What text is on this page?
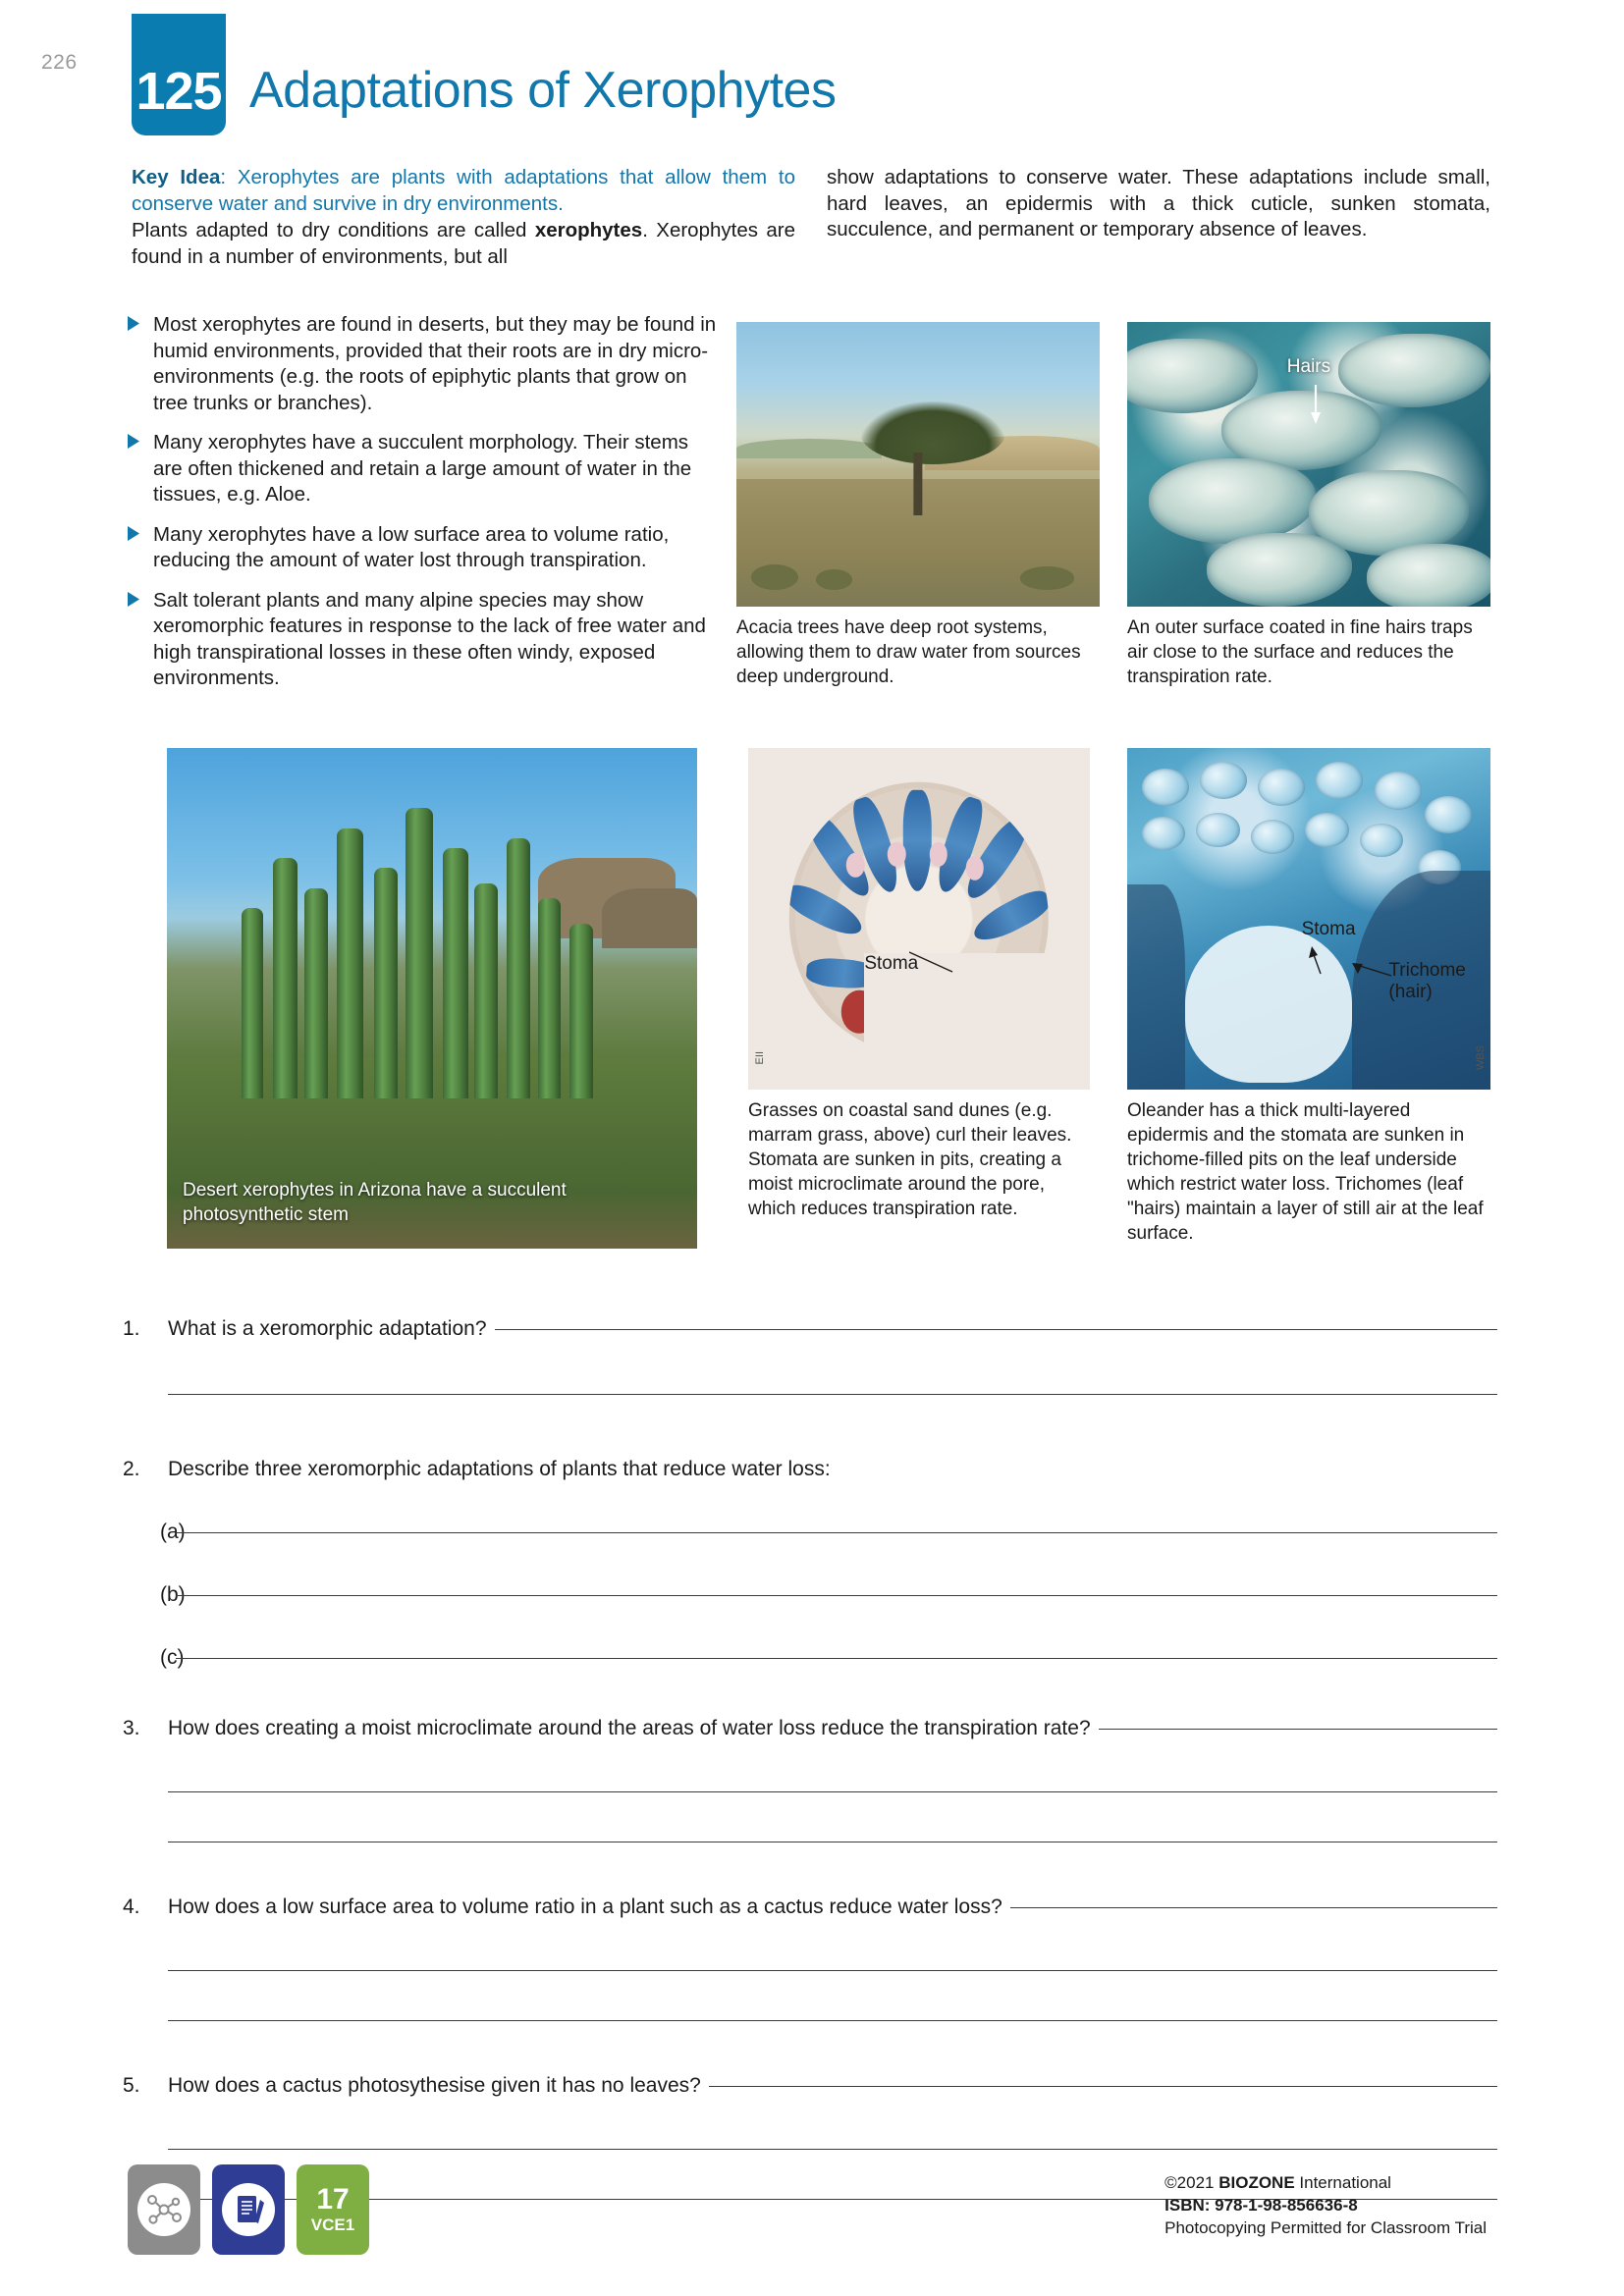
226 125 Adaptations of Xerophytes

Key Idea: Xerophytes are plants with adaptations that allow them to conserve water and survive in dry environments.

Plants adapted to dry conditions are called xerophytes. Xerophytes are found in a number of environments, but all

show adaptations to conserve water. These adaptations include small, hard leaves, an epidermis with a thick cuticle, sunken stomata, succulence, and permanent or temporary absence of leaves.

Most xerophytes are found in deserts, but they may be found in humid environments, provided that their roots are in dry micro-environments (e.g. the roots of epiphytic plants that grow on tree trunks or branches).
Many xerophytes have a succulent morphology. Their stems are often thickened and retain a large amount of water in the tissues, e.g. Aloe.
Many xerophytes have a low surface area to volume ratio, reducing the amount of water lost through transpiration.
Salt tolerant plants and many alpine species may show xeromorphic features in response to the lack of free water and high transpirational losses in these often windy, exposed environments.
Acacia trees have deep root systems, allowing them to draw water from sources deep underground.
Hairs
An outer surface coated in fine hairs traps air close to the surface and reduces the transpiration rate.
Desert xerophytes in Arizona have a succulent photosynthetic stem
Stoma
EII
Grasses on coastal sand dunes (e.g. marram grass, above) curl their leaves. Stomata are sunken in pits, creating a moist microclimate around the pore, which reduces transpiration rate.
Stoma
Trichome
(hair)
WBS
Oleander has a thick multi-layered epidermis and the stomata are sunken in trichome-filled pits on the leaf underside which restrict water loss. Trichomes (leaf "hairs) maintain a layer of still air at the leaf surface.
1.	What is a xeromorphic adaptation?
2.	Describe three xeromorphic adaptations of plants that reduce water loss:
(a)
(b)
(c)
3.	How does creating a moist microclimate around the areas of water loss reduce the transpiration rate?
4.	How does a low surface area to volume ratio in a plant such as a cactus reduce water loss?
5.	How does a cactus photosythesise given it has no leaves?
17
VCE1
©2021 BIOZONE International
ISBN: 978-1-98-856636-8
Photocopying Permitted for Classroom Trial
